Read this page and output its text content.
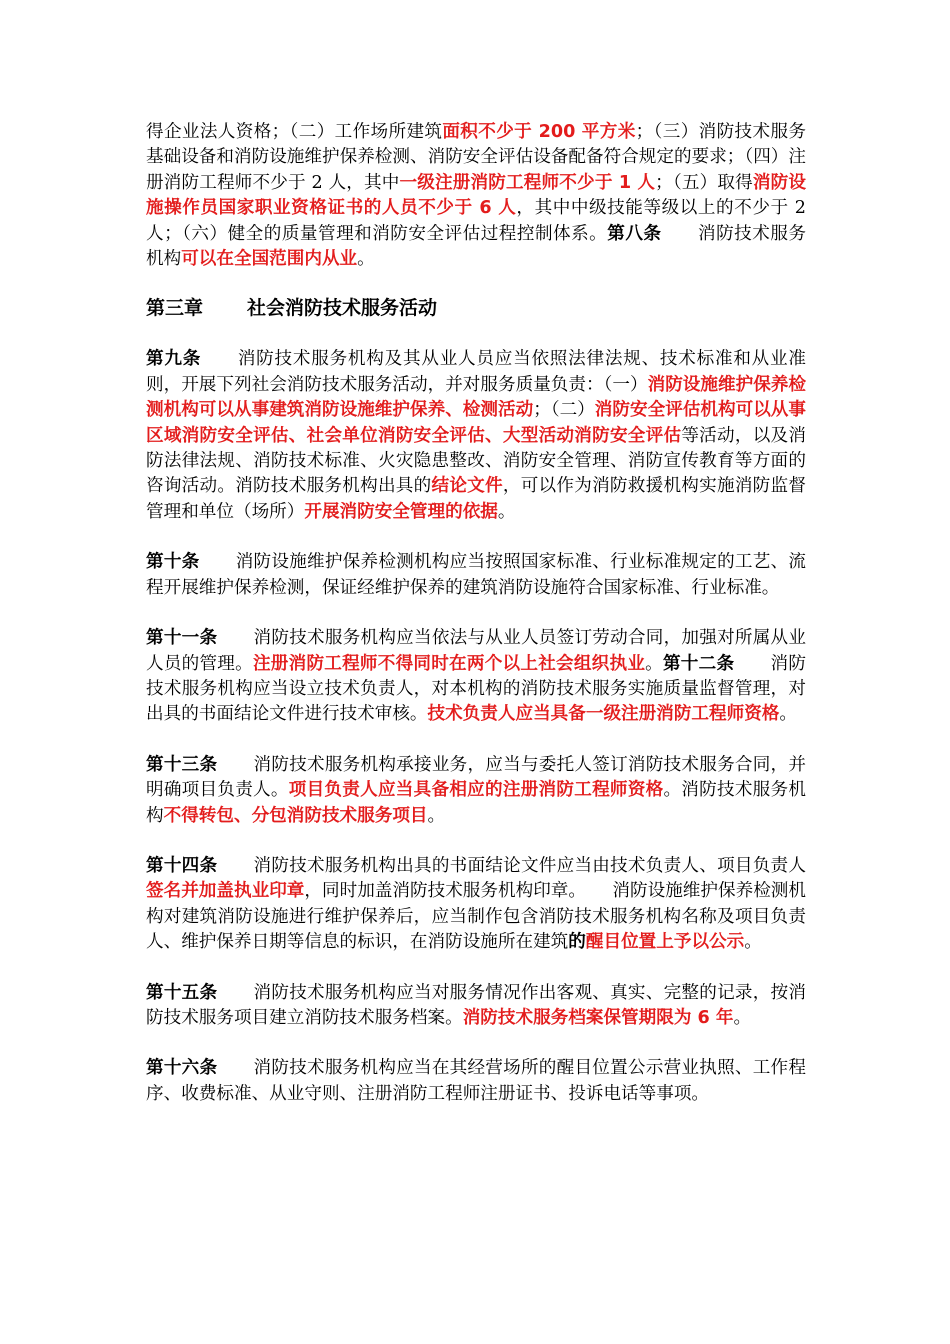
得企业法人资格；（二）工作场所建筑面积不少于 200 平方米；（三）消防技术服务基础设备和消防设施维护保养检测、消防安全评估设备配备符合规定的要求；（四）注册消防工程师不少于 2 人，其中一级注册消防工程师不少于 1 人；（五）取得消防设施操作员国家职业资格证书的人员不少于 6 人，其中中级技能等级以上的不少于 2 人；（六）健全的质量管理和消防安全评估过程控制体系。第八条 消防技术服务机构可以在全国范围内从业。

第三章 社会消防技术服务活动

第九条 消防技术服务机构及其从业人员应当依照法律法规、技术标准和从业准则，开展下列社会消防技术服务活动，并对服务质量负责：（一）消防设施维护保养检测机构可以从事建筑消防设施维护保养、检测活动；（二）消防安全评估机构可以从事区域消防安全评估、社会单位消防安全评估、大型活动消防安全评估等活动，以及消防法律法规、消防技术标准、火灾隐患整改、消防安全管理、消防宣传教育等方面的咨询活动。消防技术服务机构出具的结论文件，可以作为消防救援机构实施消防监督管理和单位（场所）开展消防安全管理的依据。

第十条 消防设施维护保养检测机构应当按照国家标准、行业标准规定的工艺、流程开展维护保养检测，保证经维护保养的建筑消防设施符合国家标准、行业标准。

第十一条 消防技术服务机构应当依法与从业人员签订劳动合同，加强对所属从业人员的管理。注册消防工程师不得同时在两个以上社会组织执业。第十二条 消防技术服务机构应当设立技术负责人，对本机构的消防技术服务实施质量监督管理，对出具的书面结论文件进行技术审核。技术负责人应当具备一级注册消防工程师资格。

第十三条 消防技术服务机构承接业务，应当与委托人签订消防技术服务合同，并明确项目负责人。项目负责人应当具备相应的注册消防工程师资格。消防技术服务机构不得转包、分包消防技术服务项目。

第十四条 消防技术服务机构出具的书面结论文件应当由技术负责人、项目负责人签名并加盖执业印章，同时加盖消防技术服务机构印章。　　消防设施维护保养检测机构对建筑消防设施进行维护保养后，应当制作包含消防技术服务机构名称及项目负责人、维护保养日期等信息的标识，在消防设施所在建筑的醒目位置上予以公示。

第十五条 消防技术服务机构应当对服务情况作出客观、真实、完整的记录，按消防技术服务项目建立消防技术服务档案。消防技术服务档案保管期限为 6 年。

第十六条 消防技术服务机构应当在其经营场所的醒目位置公示营业执照、工作程序、收费标准、从业守则、注册消防工程师注册证书、投诉电话等事项。
